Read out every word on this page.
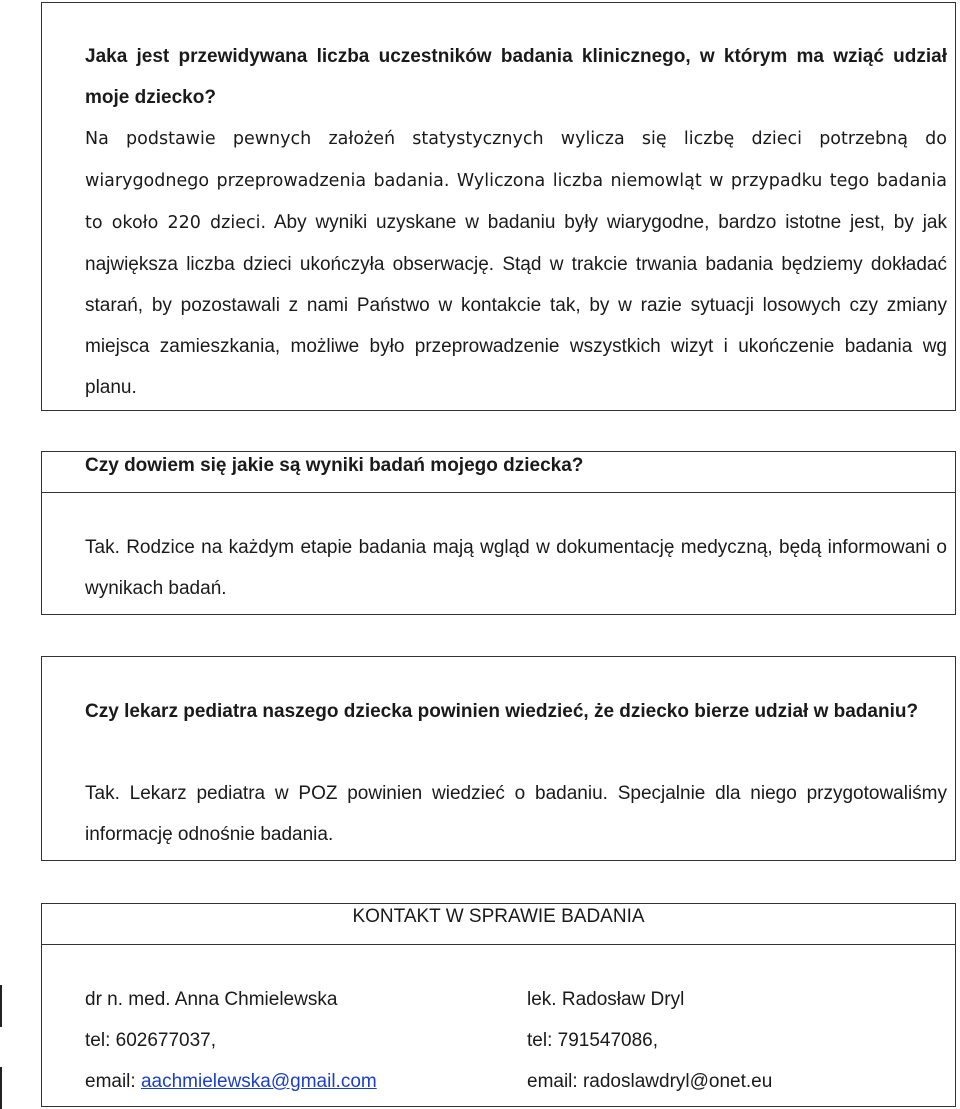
Jaka jest przewidywana liczba uczestników badania klinicznego, w którym ma wziąć udział moje dziecko?

Na podstawie pewnych założeń statystycznych wylicza się liczbę dzieci potrzebną do wiarygodnego przeprowadzenia badania. Wyliczona liczba niemowląt w przypadku tego badania to około 220 dzieci. Aby wyniki uzyskane w badaniu były wiarygodne, bardzo istotne jest, by jak największa liczba dzieci ukończyła obserwację. Stąd w trakcie trwania badania będziemy dokładać starań, by pozostawali z nami Państwo w kontakcie tak, by w razie sytuacji losowych czy zmiany miejsca zamieszkania, możliwe było przeprowadzenie wszystkich wizyt i ukończenie badania wg planu.

Czy dowiem się jakie są wyniki badań mojego dziecka?

Tak. Rodzice na każdym etapie badania mają wgląd w dokumentację medyczną, będą informowani o wynikach badań.

Czy lekarz pediatra naszego dziecka powinien wiedzieć, że dziecko bierze udział w badaniu?

Tak. Lekarz pediatra w POZ powinien wiedzieć o badaniu. Specjalnie dla niego przygotowaliśmy informację odnośnie badania.

KONTAKT W SPRAWIE BADANIA
dr n. med. Anna Chmielewska
tel: 602677037,
email: aachmielewska@gmail.com
lek. Radosław Dryl
tel: 791547086,
email: radoslawdryl@onet.eu
